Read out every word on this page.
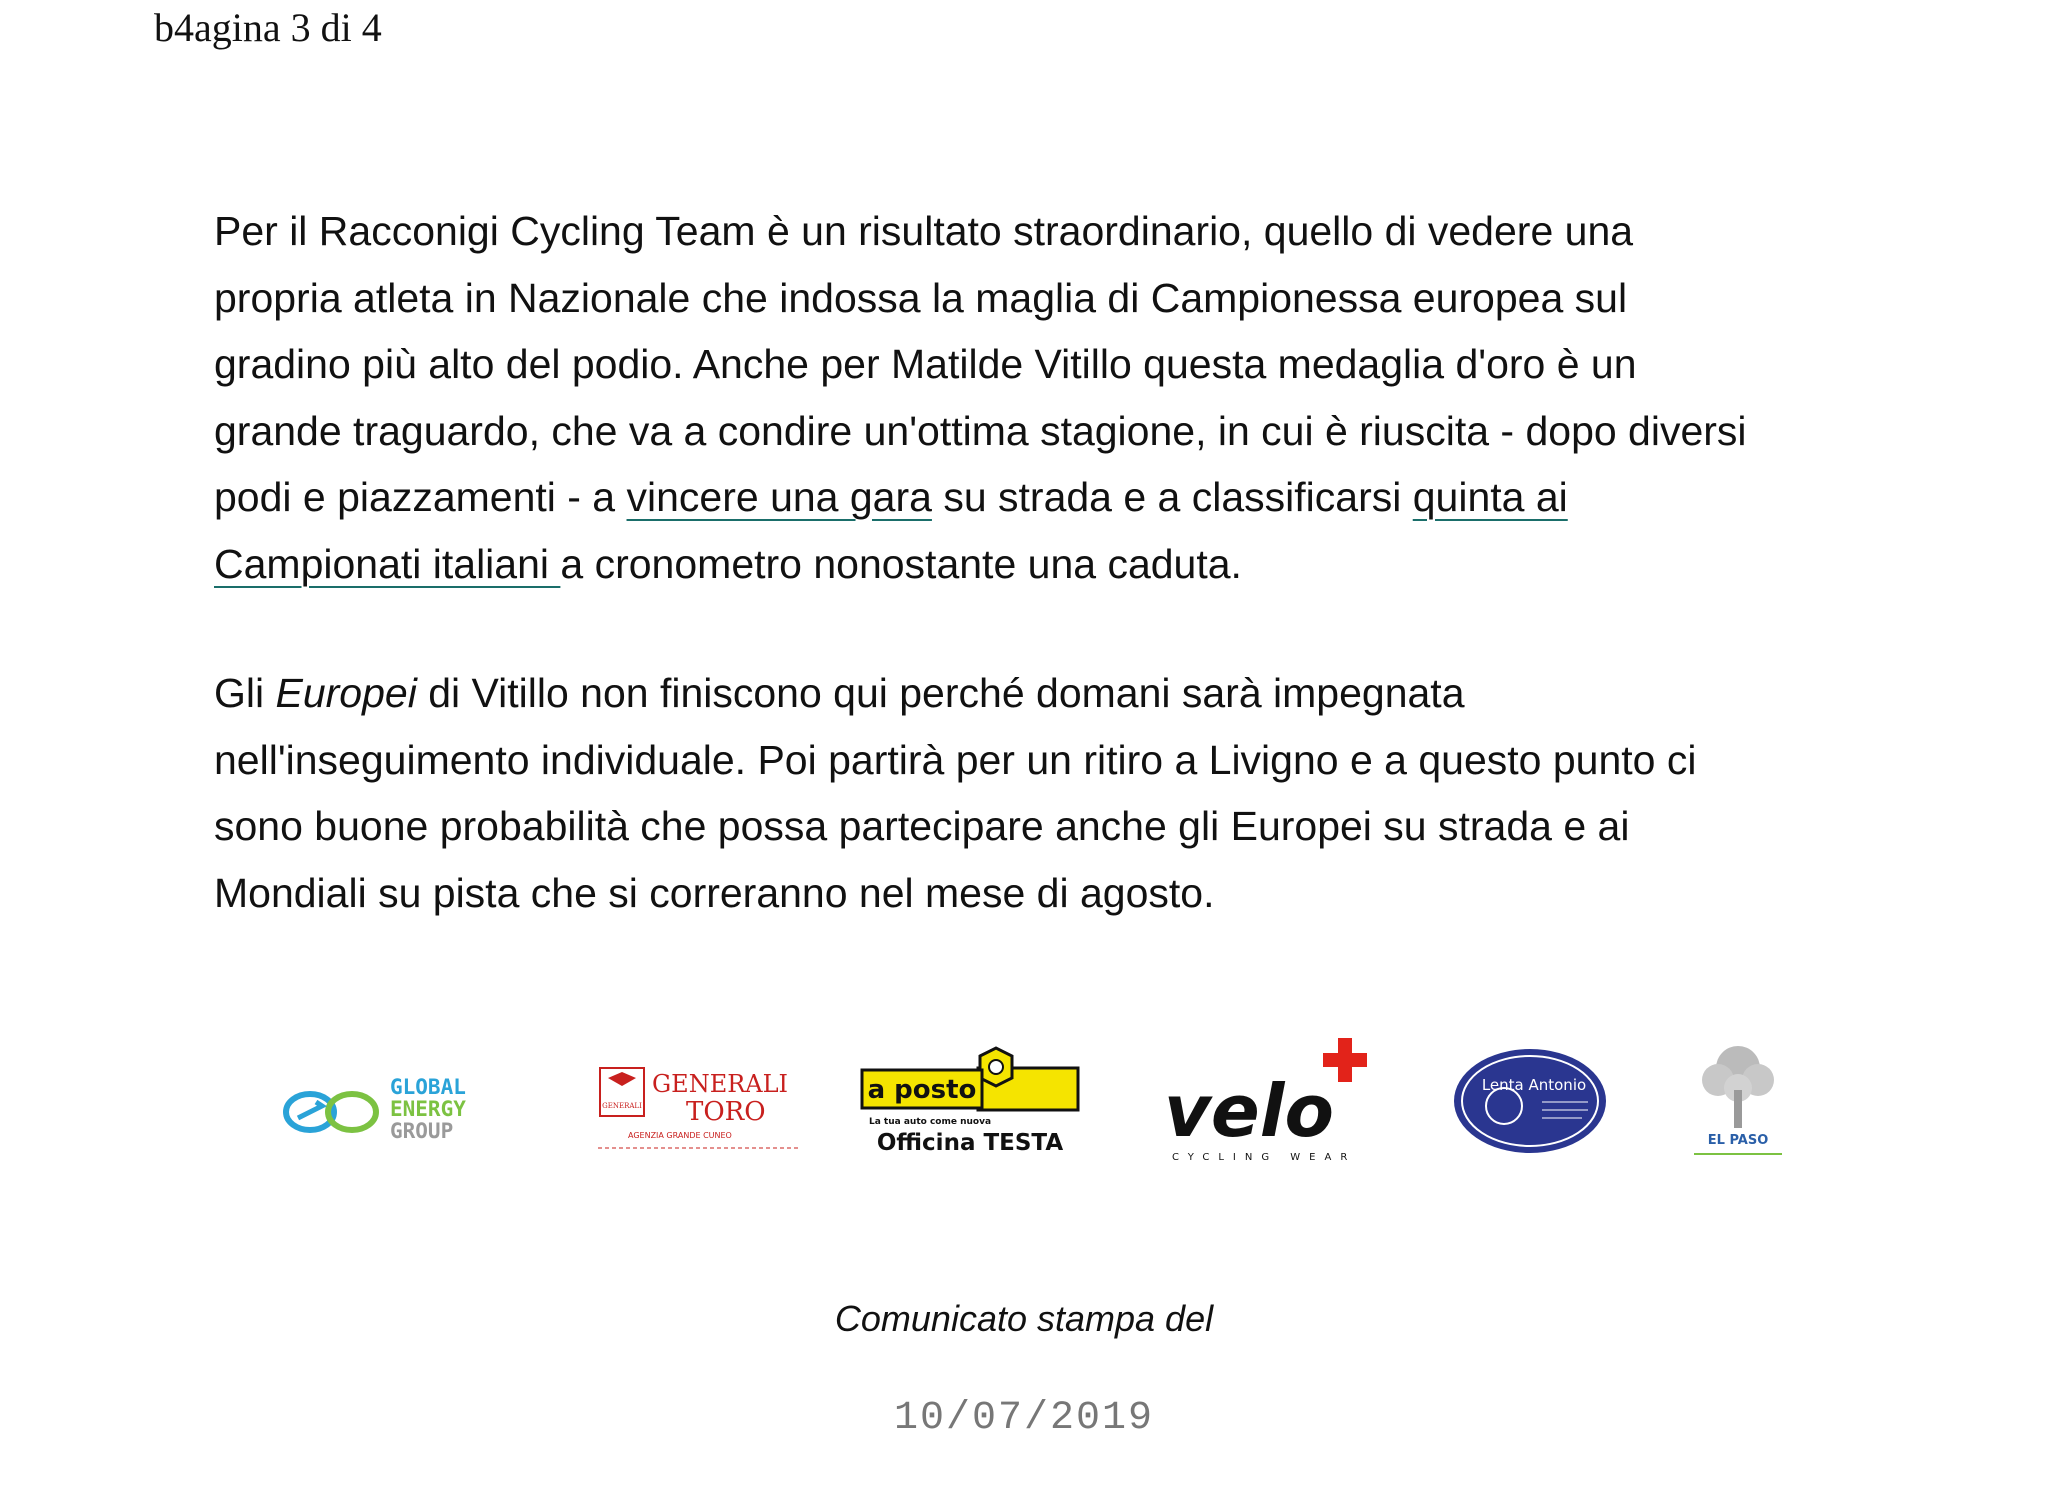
b4agina 3 di 4
Per il Racconigi Cycling Team è un risultato straordinario, quello di vedere una
propria atleta in Nazionale che indossa la maglia di Campionessa europea sul
gradino più alto del podio. Anche per Matilde Vitillo questa medaglia d'oro è un
grande traguardo, che va a condire un'ottima stagione, in cui è riuscita - dopo diversi
podi e piazzamenti - a vincere una gara su strada e a classificarsi quinta ai
Campionati italiani a cronometro nonostante una caduta.
Gli Europei di Vitillo non finiscono qui perché domani sarà impegnata
nell'inseguimento individuale. Poi partirà per un ritiro a Livigno e a questo punto ci
sono buone probabilità che possa partecipare anche gli Europei su strada e ai
Mondiali su pista che si correranno nel mese di agosto.
GLOBAL
ENERGY
GROUP
GENERALI
GENERALI
TORO
AGENZIA GRANDE CUNEO
a posto
La tua auto come nuova
Officina TESTA velo
CYCLING WEAR
Lenta Antonio
EL PASO
Comunicato stampa del
10/07/2019
